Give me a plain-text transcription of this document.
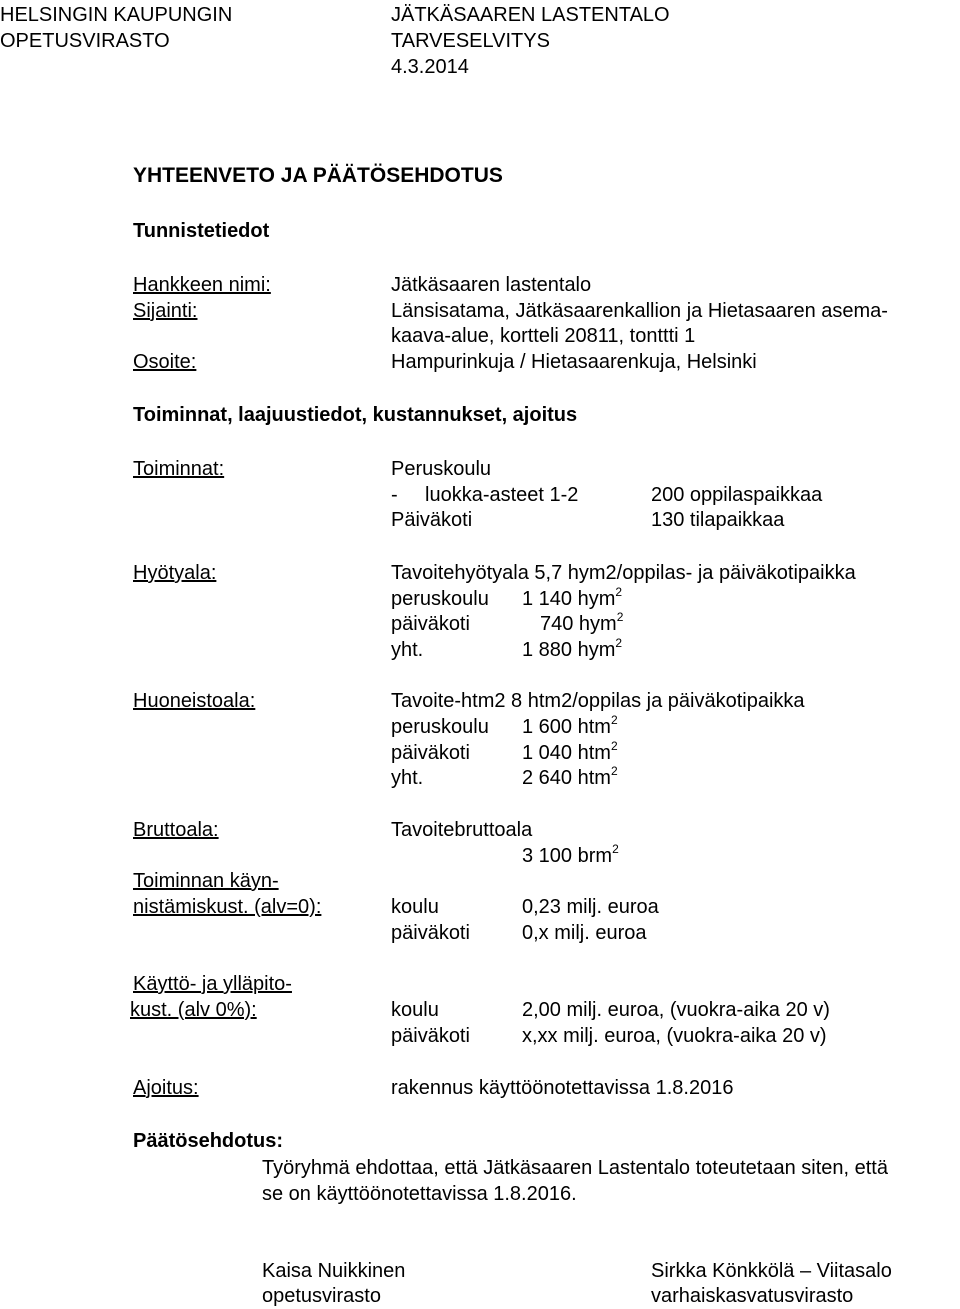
HELSINGIN KAUPUNGIN
OPETUSVIRASTO
JÄTKÄSAAREN LASTENTALO
TARVESELVITYS
4.3.2014
YHTEENVETO JA PÄÄTÖSEHDOTUS
Tunnistetiedot
Hankkeen nimi:	Jätkäsaaren lastentalo
Sijainti:	Länsisatama, Jätkäsaarenkallion ja Hietasaaren asema-
kaava-alue, kortteli 20811, tonttti 1
Osoite:	Hampurinkuja / Hietasaarenkuja, Helsinki
Toiminnat, laajuustiedot, kustannukset, ajoitus
Toiminnat:	Peruskoulu
- luokka-asteet 1-2	200 oppilaspaikkaa
Päiväkoti	130 tilapaikkaa
Hyötyala:	Tavoitehyötyala 5,7 hym2/oppilas- ja päiväkotipaikka
peruskoulu 1 140 hym$^2$
päiväkoti	740 hym$^2$
yht.	1 880 hym$^2$
Huoneistoala:	Tavoite-htm2 8 htm2/oppilas ja päiväkotipaikka
peruskoulu 1 600 htm$^2$
päiväkoti	1 040 htm$^2$
yht.	2 640 htm$^2$
Bruttoala:	Tavoitebruttoala
3 100 brm$^2$
Toiminnan käyn-
nistämiskust. (alv=0):	koulu	0,23 milj. euroa
päiväkoti	0,x milj. euroa
Käyttö- ja ylläpito-
kust. (alv 0%):	koulu	2,00 milj. euroa, (vuokra-aika 20 v)
päiväkoti	x,xx milj. euroa, (vuokra-aika 20 v)
Ajoitus:	rakennus käyttöönotettavissa 1.8.2016
Päätösehdotus:
Työryhmä ehdottaa, että Jätkäsaaren Lastentalo toteutetaan siten, että
se on käyttöönotettavissa 1.8.2016.
Kaisa Nuikkinen
opetusvirasto
Sirkka Könkkölä – Viitasalo
varhaiskasvatusvirasto
